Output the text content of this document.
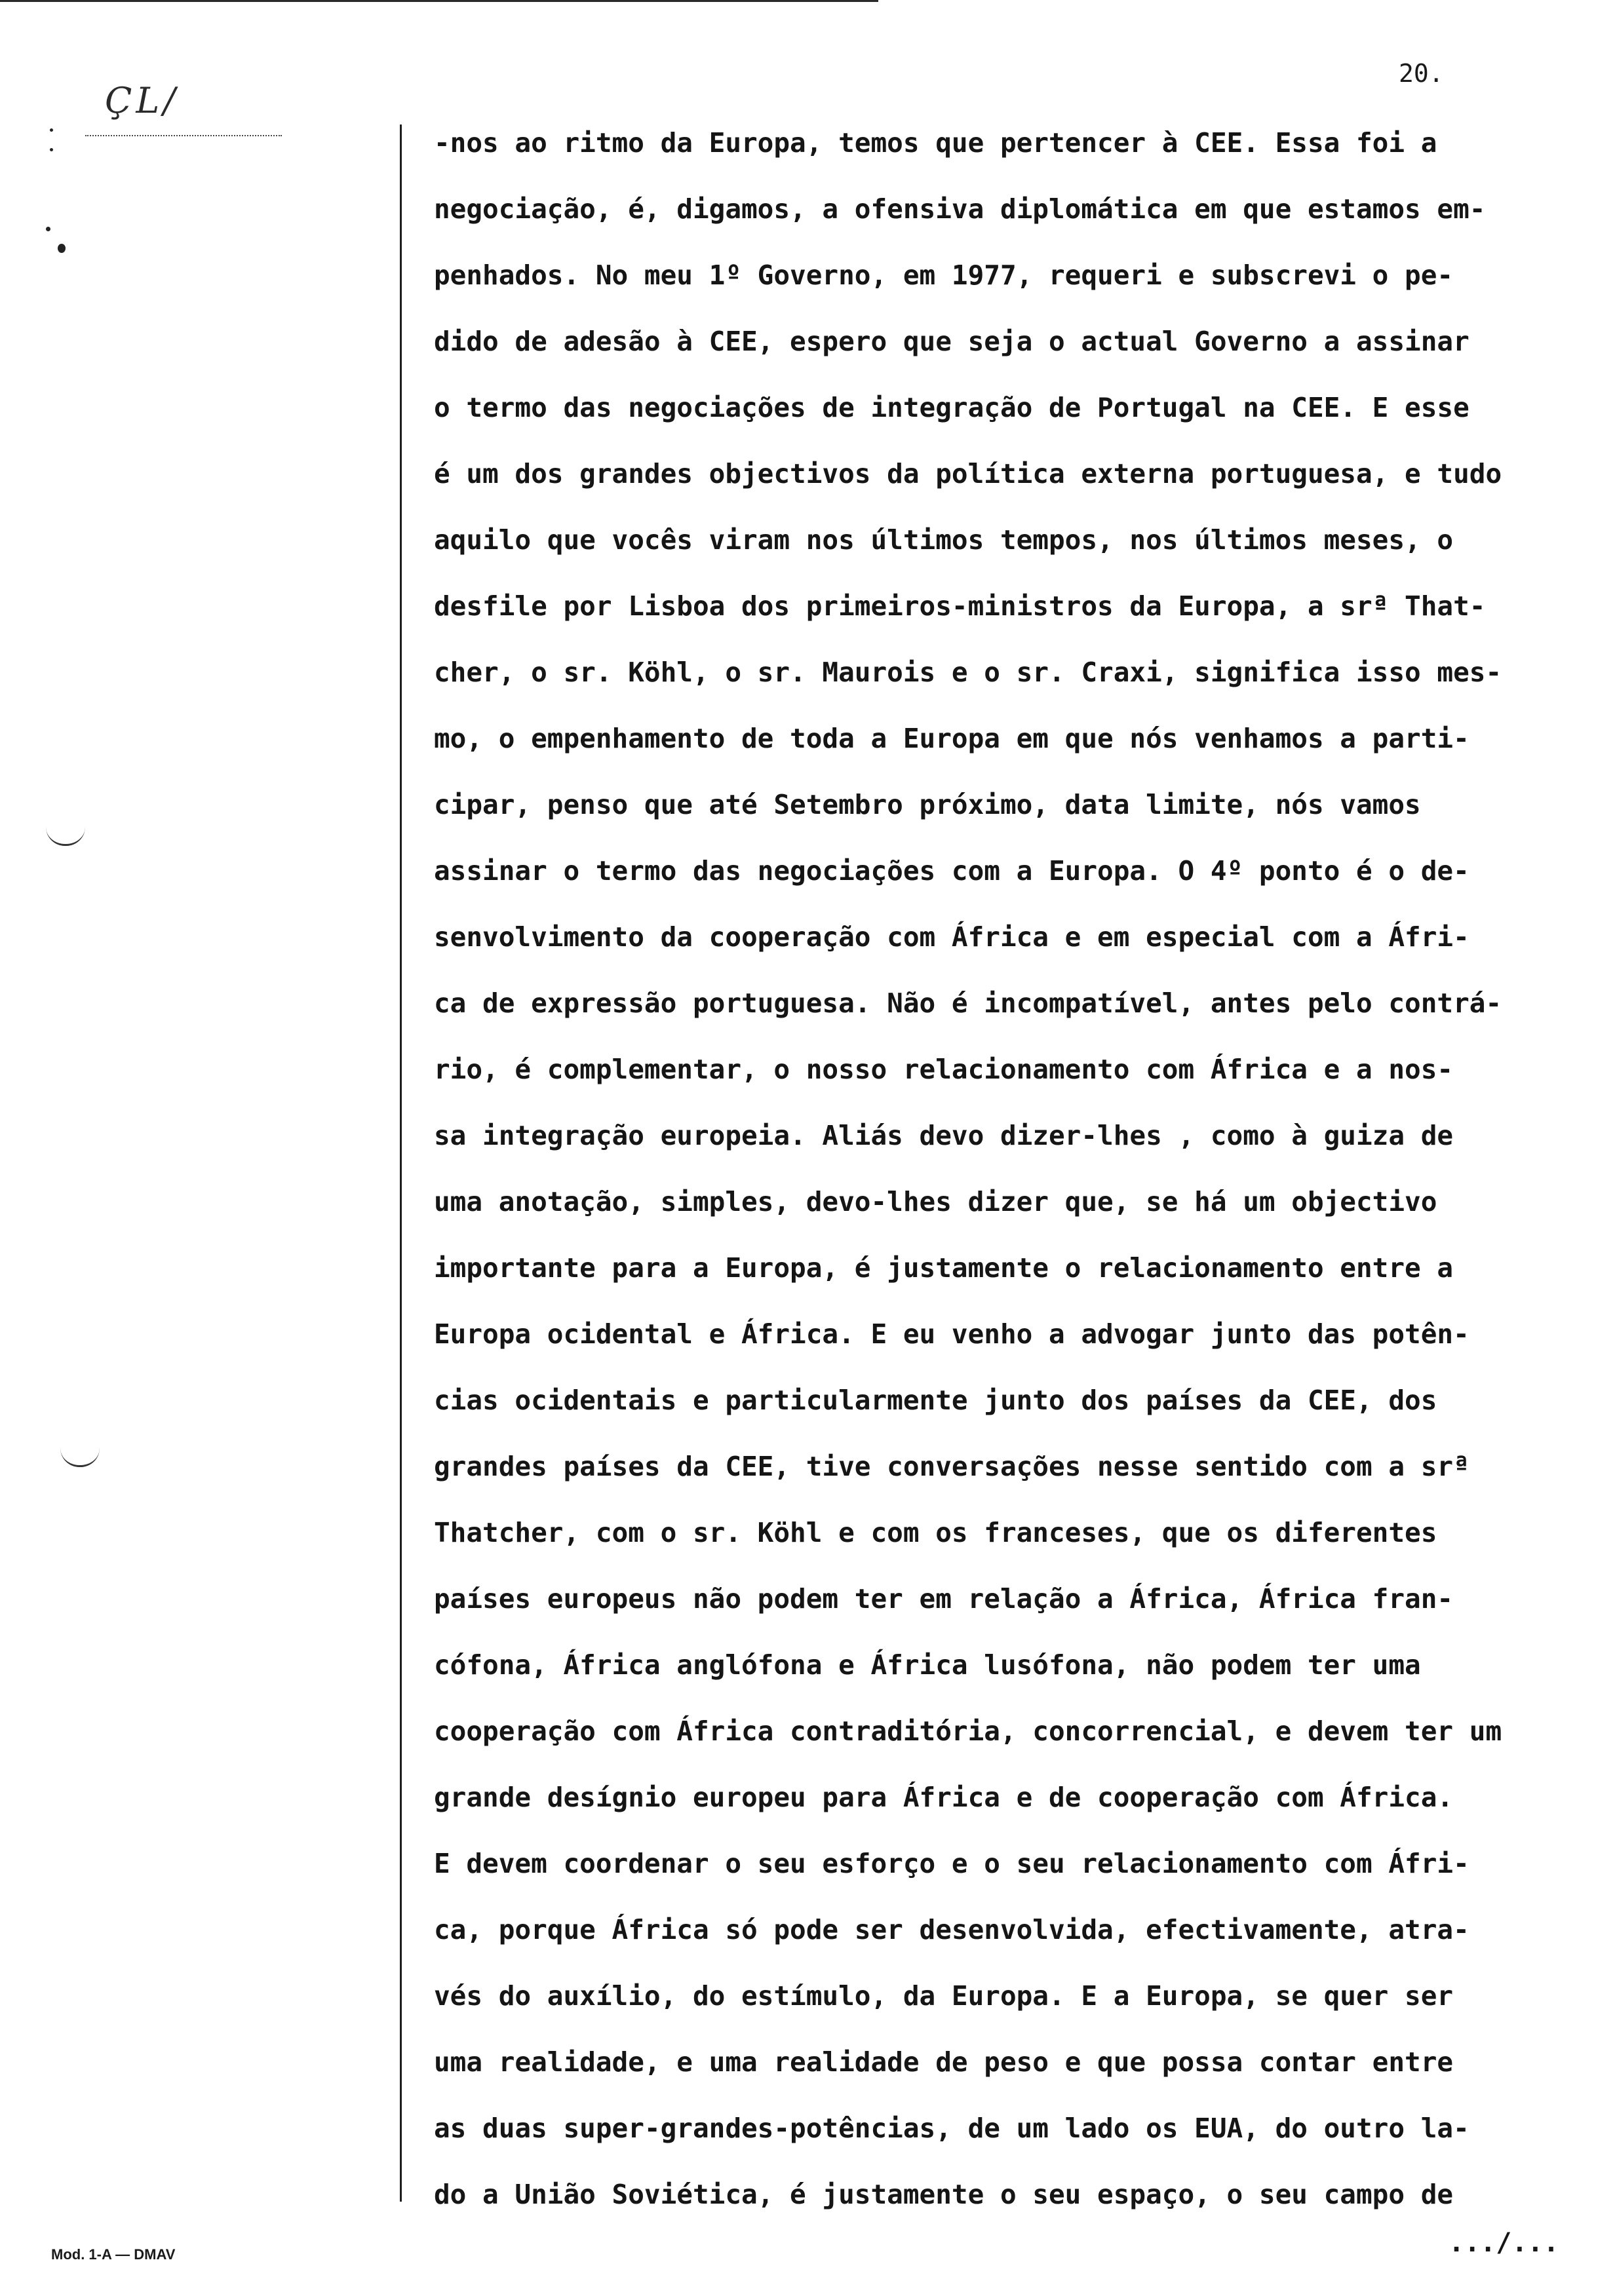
ÇL/
20.
-nos ao ritmo da Europa, temos que pertencer à CEE. Essa foi a
negociação, é, digamos, a ofensiva diplomática em que estamos em-
penhados. No meu 1º Governo, em 1977, requeri e subscrevi o pe-
dido de adesão à CEE, espero que seja o actual Governo a assinar
o termo das negociações de integração de Portugal na CEE. E esse
é um dos grandes objectivos da política externa portuguesa, e tudo
aquilo que vocês viram nos últimos tempos, nos últimos meses, o
desfile por Lisboa dos primeiros-ministros da Europa, a srª That-
cher, o sr. Köhl, o sr. Maurois e o sr. Craxi, significa isso mes-
mo, o empenhamento de toda a Europa em que nós venhamos a parti-
cipar, penso que até Setembro próximo, data limite, nós vamos
assinar o termo das negociações com a Europa. O 4º ponto é o de-
senvolvimento da cooperação com África e em especial com a Áfri-
ca de expressão portuguesa. Não é incompatível, antes pelo contrá-
rio, é complementar, o nosso relacionamento com África e a nos-
sa integração europeia. Aliás devo dizer-lhes , como à guiza de
uma anotação, simples, devo-lhes dizer que, se há um objectivo
importante para a Europa, é justamente o relacionamento entre a
Europa ocidental e África. E eu venho a advogar junto das potên-
cias ocidentais e particularmente junto dos países da CEE, dos
grandes países da CEE, tive conversações nesse sentido com a srª
Thatcher, com o sr. Köhl e com os franceses, que os diferentes
países europeus não podem ter em relação a África, África fran-
cófona, África anglófona e África lusófona, não podem ter uma
cooperação com África contraditória, concorrencial, e devem ter um
grande desígnio europeu para África e de cooperação com África.
E devem coordenar o seu esforço e o seu relacionamento com Áfri-
ca, porque África só pode ser desenvolvida, efectivamente, atra-
vés do auxílio, do estímulo, da Europa. E a Europa, se quer ser
uma realidade, e uma realidade de peso e que possa contar entre
as duas super-grandes-potências, de um lado os EUA, do outro la-
do a União Soviética, é justamente o seu espaço, o seu campo de
.../...
Mod. 1-A — DMAV
